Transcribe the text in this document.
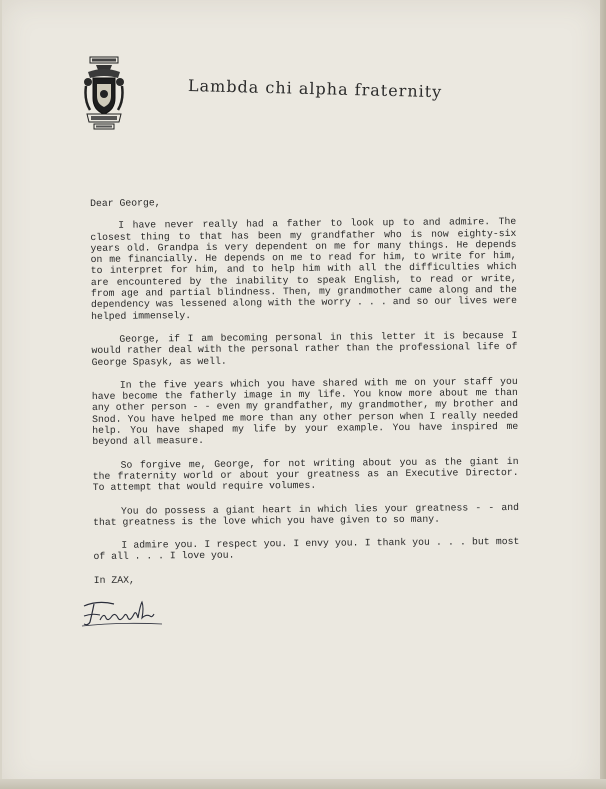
Lambda chi alpha fraternity

Dear George,

I have never really had a father to look up to and admire. The closest thing to that has been my grandfather who is now eighty-six years old. Grandpa is very dependent on me for many things. He depends on me financially. He depends on me to read for him, to write for him, to interpret for him, and to help him with all the difficulties which are encountered by the inability to speak English, to read or write, from age and partial blindness. Then, my grandmother came along and the dependency was lessened along with the worry . . . and so our lives were helped immensely.

George, if I am becoming personal in this letter it is because I would rather deal with the personal rather than the professional life of George Spasyk, as well.

In the five years which you have shared with me on your staff you have become the fatherly image in my life. You know more about me than any other person - - even my grandfather, my grandmother, my brother and Snod. You have helped me more than any other person when I really needed help. You have shaped my life by your example. You have inspired me beyond all measure.

So forgive me, George, for not writing about you as the giant in the fraternity world or about your greatness as an Executive Director. To attempt that would require volumes.

You do possess a giant heart in which lies your greatness - - and that greatness is the love which you have given to so many.

I admire you. I respect you. I envy you. I thank you . . . but most of all . . . I love you.

In ZAX,
